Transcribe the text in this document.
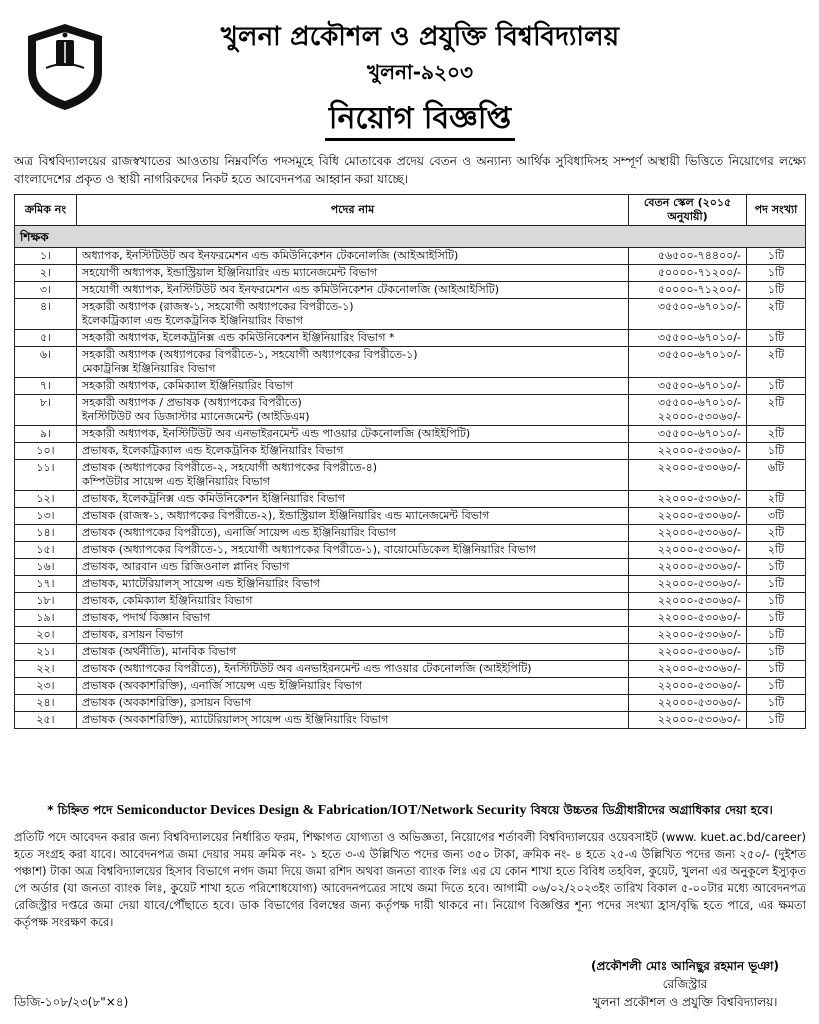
খুলনা প্রকৌশল ও প্রযুক্তি বিশ্ববিদ্যালয়
খুলনা-৯২০৩
নিয়োগ বিজ্ঞপ্তি

অত্র বিশ্ববিদ্যালয়ের রাজস্বখাতের আওতায় নিম্নবর্ণিত পদসমূহে বিধি মোতাবেক প্রদেয় বেতন ও অন্যান্য আর্থিক সুবিধাদিসহ সম্পূর্ণ অস্থায়ী ভিত্তিতে নিয়োগের লক্ষ্যে বাংলাদেশের প্রকৃত ও স্থায়ী নাগরিকদের নিকট হতে আবেদনপত্র আহ্বান করা যাচ্ছে।

ক্রমিক নং	পদের নাম	বেতন স্কেল (২০১৫ অনুযায়ী)	পদ সংখ্যা
শিক্ষক			
১।	অধ্যাপক, ইনস্টিটিউট অব ইনফরমেশন এন্ড কমিউনিকেশন টেকনোলজি (আইআইসিটি)	৫৬৫০০-৭৪৪০০/-	১টি
২।	সহযোগী অধ্যাপক, ইন্ডাস্ট্রিয়াল ইঞ্জিনিয়ারিং এন্ড ম্যানেজমেন্ট বিভাগ	৫০০০০-৭১২০০/-	১টি
৩।	সহযোগী অধ্যাপক, ইনস্টিটিউট অব ইনফরমেশন এন্ড কমিউনিকেশন টেকনোলজি (আইআইসিটি)	৫০০০০-৭১২০০/-	১টি
৪।	সহকারী অধ্যাপক (রাজস্ব-১, সহযোগী অধ্যাপকের বিপরীতে-১)
ইলেকট্রিক্যাল এন্ড ইলেকট্রনিক ইঞ্জিনিয়ারিং বিভাগ	৩৫৫০০-৬৭০১০/-	২টি
৫।	সহকারী অধ্যাপক, ইলেকট্রনিক্স এন্ড কমিউনিকেশন ইঞ্জিনিয়ারিং বিভাগ *	৩৫৫০০-৬৭০১০/-	১টি
৬।	সহকারী অধ্যাপক (অধ্যাপকের বিপরীতে-১, সহযোগী অধ্যাপকের বিপরীতে-১)
মেকাট্রনিক্স ইঞ্জিনিয়ারিং বিভাগ	৩৫৫০০-৬৭০১০/-	২টি
৭।	সহকারী অধ্যাপক, কেমিক্যাল ইঞ্জিনিয়ারিং বিভাগ	৩৫৫০০-৬৭০১০/-	১টি
৮।	সহকারী অধ্যাপক / প্রভাষক (অধ্যাপকের বিপরীতে)
ইনস্টিটিউট অব ডিজাস্টার ম্যানেজমেন্ট (আইডিএম)	৩৫৫০০-৬৭০১০/-
২২০০০-৫৩০৬০/-	২টি
৯।	সহকারী অধ্যাপক, ইনস্টিটিউট অব এনভাইরনমেন্ট এন্ড পাওয়ার টেকনোলজি (আইইপিটি)	৩৫৫০০-৬৭০১০/-	২টি
১০।	প্রভাষক, ইলেকট্রিক্যাল এন্ড ইলেকট্রনিক ইঞ্জিনিয়ারিং বিভাগ	২২০০০-৫৩০৬০/-	১টি
১১।	প্রভাষক (অধ্যাপকের বিপরীতে-২, সহযোগী অধ্যাপকের বিপরীতে-৪)
কম্পিউটার সায়েন্স এন্ড ইঞ্জিনিয়ারিং বিভাগ	২২০০০-৫৩০৬০/-	৬টি
১২।	প্রভাষক, ইলেকট্রনিক্স এন্ড কমিউনিকেশন ইঞ্জিনিয়ারিং বিভাগ	২২০০০-৫৩০৬০/-	২টি
১৩।	প্রভাষক (রাজস্ব-১, অধ্যাপকের বিপরীতে-২), ইন্ডাস্ট্রিয়াল ইঞ্জিনিয়ারিং এন্ড ম্যানেজমেন্ট বিভাগ	২২০০০-৫৩০৬০/-	৩টি
১৪।	প্রভাষক (অধ্যাপকের বিপরীতে), এনার্জি সায়েন্স এন্ড ইঞ্জিনিয়ারিং বিভাগ	২২০০০-৫৩০৬০/-	২টি
১৫।	প্রভাষক (অধ্যাপকের বিপরীতে-১, সহযোগী অধ্যাপকের বিপরীতে-১), বায়োমেডিকেল ইঞ্জিনিয়ারিং বিভাগ	২২০০০-৫৩০৬০/-	২টি
১৬।	প্রভাষক, আরবান এন্ড রিজিওনাল প্লানিং বিভাগ	২২০০০-৫৩০৬০/-	১টি
১৭।	প্রভাষক, ম্যাটেরিয়ালস্ সায়েন্স এন্ড ইঞ্জিনিয়ারিং বিভাগ	২২০০০-৫৩০৬০/-	১টি
১৮।	প্রভাষক, কেমিক্যাল ইঞ্জিনিয়ারিং বিভাগ	২২০০০-৫৩০৬০/-	১টি
১৯।	প্রভাষক, পদার্থ বিজ্ঞান বিভাগ	২২০০০-৫৩০৬০/-	১টি
২০।	প্রভাষক, রসায়ন বিভাগ	২২০০০-৫৩০৬০/-	১টি
২১।	প্রভাষক (অর্থনীতি), মানবিক বিভাগ	২২০০০-৫৩০৬০/-	১টি
২২।	প্রভাষক (অধ্যাপকের বিপরীতে), ইনস্টিটিউট অব এনভাইরনমেন্ট এন্ড পাওয়ার টেকনোলজি (আইইপিটি)	২২০০০-৫৩০৬০/-	১টি
২৩।	প্রভাষক (অবকাশরিক্তি), এনার্জি সায়েন্স এন্ড ইঞ্জিনিয়ারিং বিভাগ	২২০০০-৫৩০৬০/-	১টি
২৪।	প্রভাষক (অবকাশরিক্তি), রসায়ন বিভাগ	২২০০০-৫৩০৬০/-	১টি
২৫।	প্রভাষক (অবকাশরিক্তি), ম্যাটেরিয়ালস্ সায়েন্স এন্ড ইঞ্জিনিয়ারিং বিভাগ	২২০০০-৫৩০৬০/-	১টি
* চিহ্নিত পদে Semiconductor Devices Design & Fabrication/IOT/Network Security বিষয়ে উচ্চতর ডিগ্রীধারীদের অগ্রাধিকার দেয়া হবে।

প্রতিটি পদে আবেদন করার জন্য বিশ্ববিদ্যালয়ের নির্ধারিত ফরম, শিক্ষাগত যোগ্যতা ও অভিজ্ঞতা, নিয়োগের শর্তাবলী বিশ্ববিদ্যালয়ের ওয়েবসাইট (www. kuet.ac.bd/career) হতে সংগ্রহ করা যাবে। আবেদনপত্র জমা দেয়ার সময় ক্রমিক নং- ১ হতে ৩-এ উল্লিখিত পদের জন্য ৩৫০ টাকা, ক্রমিক নং- ৪ হতে ২৫-এ উল্লিখিত পদের জন্য ২৫০/- (দুইশত পঞ্চাশ) টাকা অত্র বিশ্ববিদ্যালয়ের হিসাব বিভাগে নগদ জমা দিয়ে জমা রশিদ অথবা জনতা ব্যাংক লিঃ এর যে কোন শাখা হতে বিবিধ তহবিল, কুয়েট, খুলনা এর অনুকূলে ইস্যুকৃত পে অর্ডার (যা জনতা ব্যাংক লিঃ, কুয়েট শাখা হতে পরিশোধযোগ্য) আবেদনপত্রের সাথে জমা দিতে হবে। আগামী ০৬/০২/২০২৩ইং তারিখ বিকাল ৫-০০টার মধ্যে আবেদনপত্র রেজিস্ট্রার দপ্তরে জমা দেয়া যাবে/পৌঁছাতে হবে। ডাক বিভাগের বিলম্বের জন্য কর্তৃপক্ষ দায়ী থাকবে না। নিয়োগ বিজ্ঞপ্তির শূন্য পদের সংখ্যা হ্রাস/বৃদ্ধি হতে পারে, এর ক্ষমতা কর্তৃপক্ষ সংরক্ষণ করে।

(প্রকৌশলী মোঃ আনিছুর রহমান ভূঞা)
রেজিস্ট্রার
খুলনা প্রকৌশল ও প্রযুক্তি বিশ্ববিদ্যালয়।
ডিজি-১০৮/২৩(৮"×৪)
